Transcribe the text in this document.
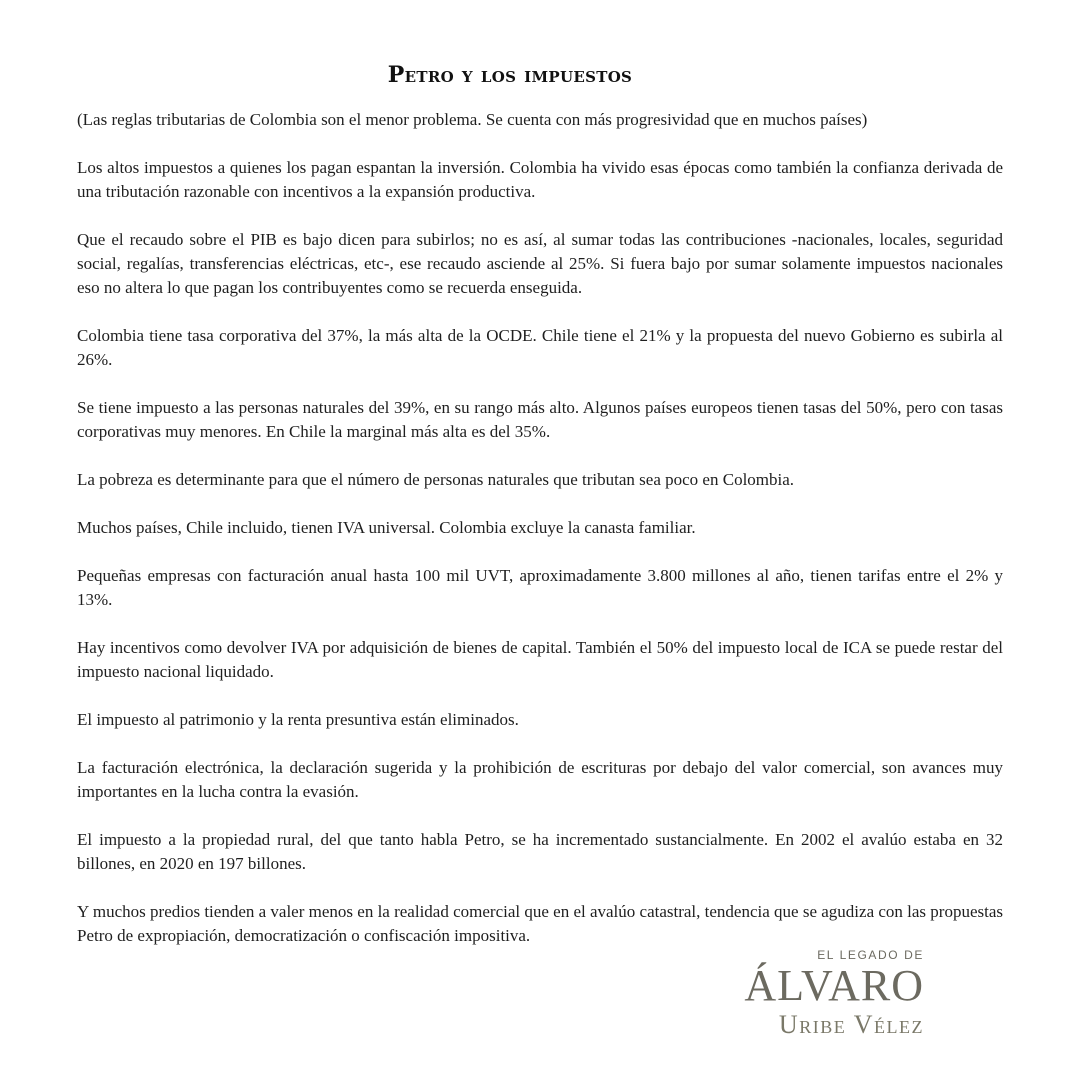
Petro y los impuestos

(Las reglas tributarias de Colombia son el menor problema. Se cuenta con más progresividad que en muchos países)

Los altos impuestos a quienes los pagan espantan la inversión. Colombia ha vivido esas épocas como también la confianza derivada de una tributación razonable con incentivos a la expansión productiva.

Que el recaudo sobre el PIB es bajo dicen para subirlos; no es así, al sumar todas las contribuciones -nacionales, locales, seguridad social, regalías, transferencias eléctricas, etc-, ese recaudo asciende al 25%. Si fuera bajo por sumar solamente impuestos nacionales eso no altera lo que pagan los contribuyentes como se recuerda enseguida.

Colombia tiene tasa corporativa del 37%, la más alta de la OCDE. Chile tiene el 21% y la propuesta del nuevo Gobierno es subirla al 26%.

Se tiene impuesto a las personas naturales del 39%, en su rango más alto. Algunos países europeos tienen tasas del 50%, pero con tasas corporativas muy menores. En Chile la marginal más alta es del 35%.

La pobreza es determinante para que el número de personas naturales que tributan sea poco en Colombia.

Muchos países, Chile incluido, tienen IVA universal. Colombia excluye la canasta familiar.

Pequeñas empresas con facturación anual hasta 100 mil UVT, aproximadamente 3.800 millones al año, tienen tarifas entre el 2% y 13%.

Hay incentivos como devolver IVA por adquisición de bienes de capital. También el 50% del impuesto local de ICA se puede restar del impuesto nacional liquidado.

El impuesto al patrimonio y la renta presuntiva están eliminados.

La facturación electrónica, la declaración sugerida y la prohibición de escrituras por debajo del valor comercial, son avances muy importantes en la lucha contra la evasión.

El impuesto a la propiedad rural, del que tanto habla Petro, se ha incrementado sustancialmente. En 2002 el avalúo estaba en 32 billones, en 2020 en 197 billones.

Y muchos predios tienden a valer menos en la realidad comercial que en el avalúo catastral, tendencia que se agudiza con las propuestas Petro de expropiación, democratización o confiscación impositiva.

EL LEGADO DE
ÁLVARO
Uribe Vélez
